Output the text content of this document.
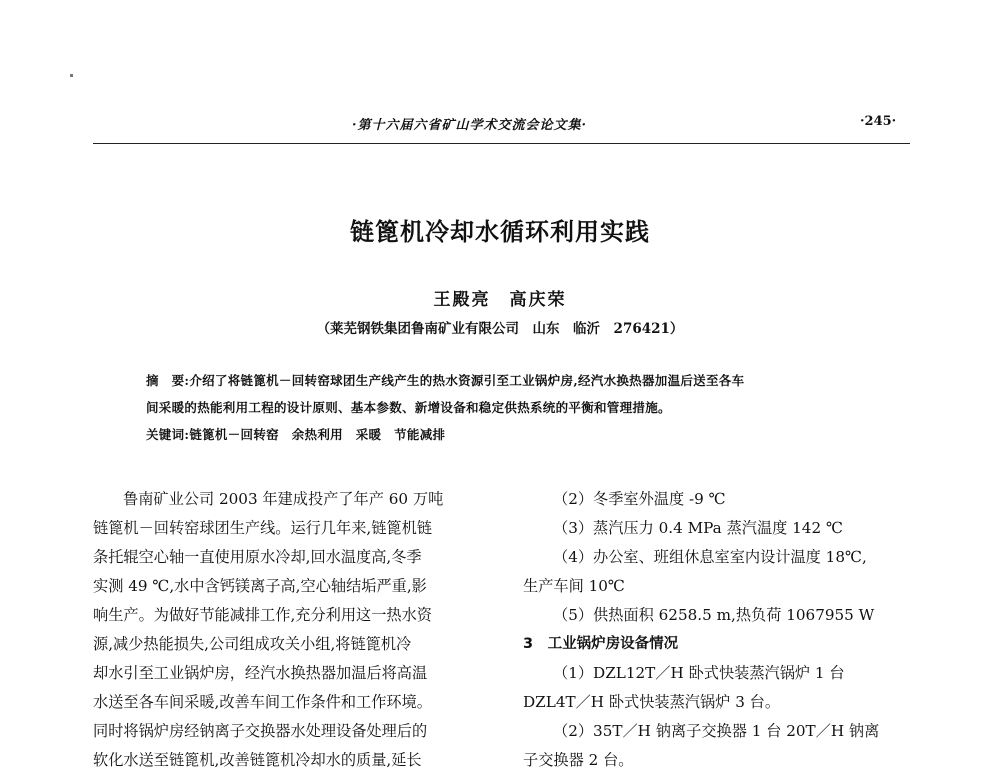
·第十六届六省矿山学术交流会论文集·	·245·
链篦机冷却水循环利用实践
王殿亮　高庆荣
（莱芜钢铁集团鲁南矿业有限公司　山东　临沂　276421）
摘　要:介绍了将链篦机－回转窑球团生产线产生的热水资源引至工业锅炉房,经汽水换热器加温后送至各车
间采暖的热能利用工程的设计原则、基本参数、新增设备和稳定供热系统的平衡和管理措施。
关键词:链篦机－回转窑　余热利用　采暖　节能减排

鲁南矿业公司 2003 年建成投产了年产 60 万吨

链篦机－回转窑球团生产线。运行几年来,链篦机链

条托辊空心轴一直使用原水冷却,回水温度高,冬季

实测 49 ℃,水中含钙镁离子高,空心轴结垢严重,影

响生产。为做好节能减排工作,充分利用这一热水资

源,减少热能损失,公司组成攻关小组,将链篦机冷

却水引至工业锅炉房，经汽水换热器加温后将高温

水送至各车间采暖,改善车间工作条件和工作环境。

同时将锅炉房经钠离子交换器水处理设备处理后的

软化水送至链篦机,改善链篦机冷却水的质量,延长

（2）冬季室外温度 -9 ℃

（3）蒸汽压力 0.4 MPa 蒸汽温度 142 ℃

（4）办公室、班组休息室室内设计温度 18℃,

生产车间 10℃

（5）供热面积 6258.5 m,热负荷 1067955 W

3　工业锅炉房设备情况

（1）DZL12T／H 卧式快装蒸汽锅炉 1 台

DZL4T／H 卧式快装蒸汽锅炉 3 台。

（2）35T／H 钠离子交换器 1 台 20T／H 钠离

子交换器 2 台。
